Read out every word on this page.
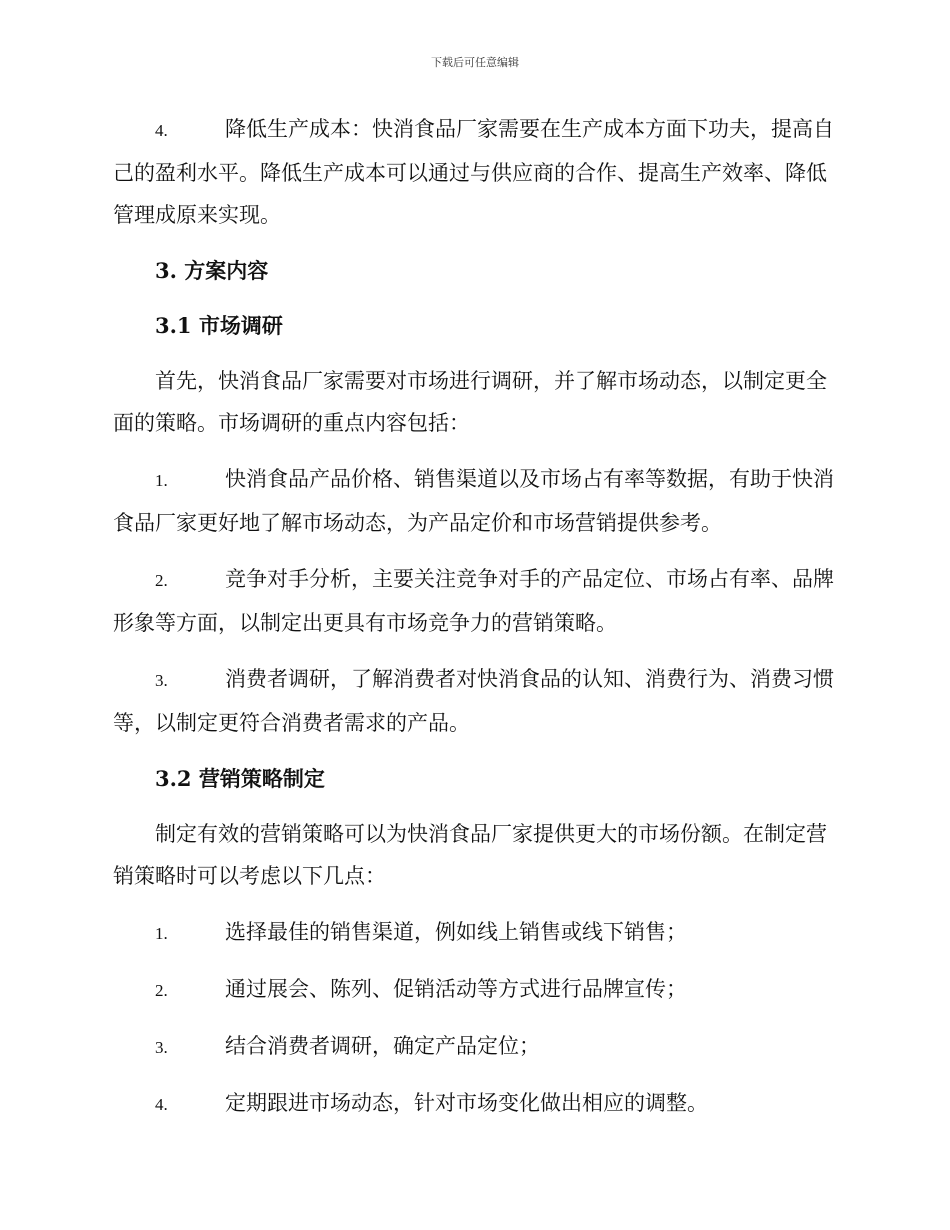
下载后可任意编辑

4.	降低生产成本：快消食品厂家需要在生产成本方面下功夫，提高自己的盈利水平。降低生产成本可以通过与供应商的合作、提高生产效率、降低管理成原来实现。

3. 方案内容

3.1 市场调研

首先，快消食品厂家需要对市场进行调研，并了解市场动态，以制定更全面的策略。市场调研的重点内容包括：

1.	快消食品产品价格、销售渠道以及市场占有率等数据，有助于快消食品厂家更好地了解市场动态，为产品定价和市场营销提供参考。

2.	竞争对手分析，主要关注竞争对手的产品定位、市场占有率、品牌形象等方面，以制定出更具有市场竞争力的营销策略。

3.	消费者调研，了解消费者对快消食品的认知、消费行为、消费习惯等，以制定更符合消费者需求的产品。

3.2 营销策略制定

制定有效的营销策略可以为快消食品厂家提供更大的市场份额。在制定营销策略时可以考虑以下几点：

1.	选择最佳的销售渠道，例如线上销售或线下销售；

2.	通过展会、陈列、促销活动等方式进行品牌宣传；

3.	结合消费者调研，确定产品定位；

4.	定期跟进市场动态，针对市场变化做出相应的调整。
